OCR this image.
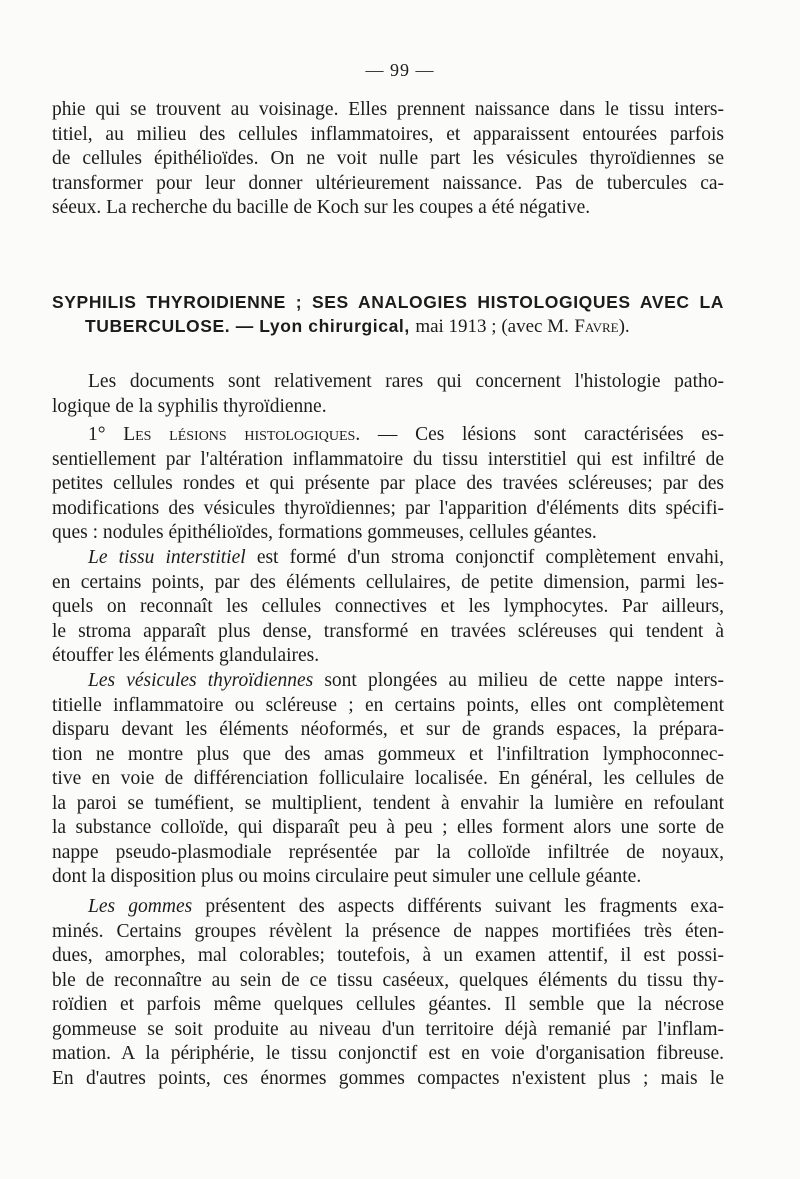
— 99 —
phie qui se trouvent au voisinage. Elles prennent naissance dans le tissu inters-
titiel, au milieu des cellules inflammatoires, et apparaissent entourées parfois
de cellules épithélioïdes. On ne voit nulle part les vésicules thyroïdiennes se
transformer pour leur donner ultérieurement naissance. Pas de tubercules ca-
séeux. La recherche du bacille de Koch sur les coupes a été négative.
SYPHILIS THYROIDIENNE ; SES ANALOGIES HISTOLOGIQUES AVEC LA
TUBERCULOSE. — Lyon chirurgical, mai 1913 ; (avec M. Favre).
Les documents sont relativement rares qui concernent l'histologie patho-
logique de la syphilis thyroïdienne.
1° Les lésions histologiques. — Ces lésions sont caractérisées es-
sentiellement par l'altération inflammatoire du tissu interstitiel qui est infiltré de
petites cellules rondes et qui présente par place des travées scléreuses; par des
modifications des vésicules thyroïdiennes; par l'apparition d'éléments dits spécifi-
ques : nodules épithélioïdes, formations gommeuses, cellules géantes.
Le tissu interstitiel est formé d'un stroma conjonctif complètement envahi,
en certains points, par des éléments cellulaires, de petite dimension, parmi les-
quels on reconnaît les cellules connectives et les lymphocytes. Par ailleurs,
le stroma apparaît plus dense, transformé en travées scléreuses qui tendent à
étouffer les éléments glandulaires.
Les vésicules thyroïdiennes sont plongées au milieu de cette nappe inters-
titielle inflammatoire ou scléreuse ; en certains points, elles ont complètement
disparu devant les éléments néoformés, et sur de grands espaces, la prépara-
tion ne montre plus que des amas gommeux et l'infiltration lymphoconnec-
tive en voie de différenciation folliculaire localisée. En général, les cellules de
la paroi se tuméfient, se multiplient, tendent à envahir la lumière en refoulant
la substance colloïde, qui disparaît peu à peu ; elles forment alors une sorte de
nappe pseudo-plasmodiale représentée par la colloïde infiltrée de noyaux,
dont la disposition plus ou moins circulaire peut simuler une cellule géante.
Les gommes présentent des aspects différents suivant les fragments exa-
minés. Certains groupes révèlent la présence de nappes mortifiées très éten-
dues, amorphes, mal colorables; toutefois, à un examen attentif, il est possi-
ble de reconnaître au sein de ce tissu caséeux, quelques éléments du tissu thy-
roïdien et parfois même quelques cellules géantes. Il semble que la nécrose
gommeuse se soit produite au niveau d'un territoire déjà remanié par l'inflam-
mation. A la périphérie, le tissu conjonctif est en voie d'organisation fibreuse.
En d'autres points, ces énormes gommes compactes n'existent plus ; mais le
